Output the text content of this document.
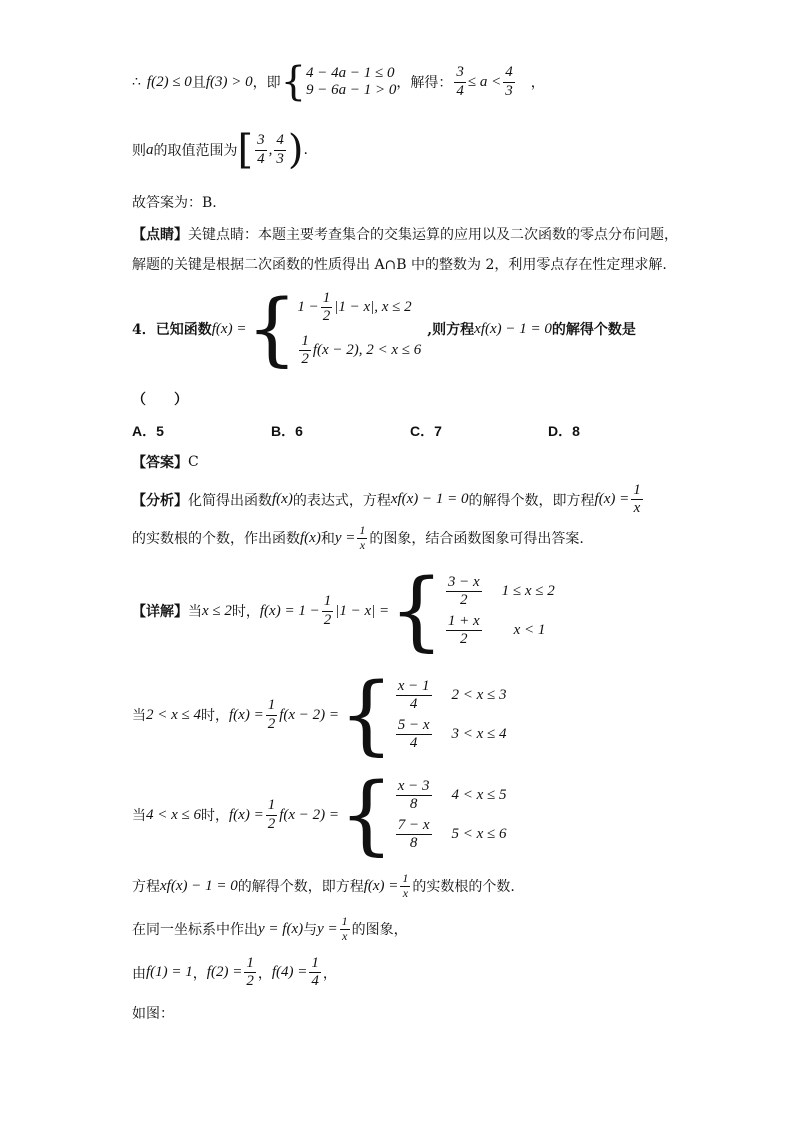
∴ f(2) ≤ 0 且 f(3) > 0 ，即 { 4 − 4a − 1 ≤ 0
9 − 6a − 1 > 0 ，解得： $\frac{3}{4} \le a < \frac{4}{3}$ ，
则 a 的取值范围为 [ $\frac{3}{4}$ , $\frac{4}{3}$ ) .
故答案为：B.
【点睛】 关键点睛：本题主要考查集合的交集运算的应用以及二次函数的零点分布问题，
解题的关键是根据二次函数的性质得出 A∩B 中的整数为 2，利用零点存在性定理求解.
4．已知函数 f(x) = { $1 - \frac{1}{2} |1 - x|$, x ≤ 2
$\frac{1}{2} f(x - 2)$, 2 < x ≤ 6
,则方程 xf(x) − 1 = 0 的解得个数是
（　　）
A．5	B．6	C．7	D．8
【答案】 C
【分析】 化简得出函数 f(x) 的表达式，方程 xf(x) − 1 = 0 的解得个数，即方程 $f(x) = \frac{1}{x}$
的实数根的个数，作出函数 f(x) 和 $y = \frac{1}{x}$ 的图象，结合函数图象可得出答案.
【详解】 当 x ≤ 2 时， $f(x) = 1 - \frac{1}{2} |1 - x|$ = { $\frac{3 - x}{2} 1 \le x \le 2$
$\frac{1 + x}{2}$ x < 1
当 2 < x ≤ 4 时， $f(x) = \frac{1}{2} f(x - 2)$ = { $\frac{x - 1}{4} 2 < x \le 3$
$\frac{5 - x}{4} 3 < x \le 4$
当 4 < x ≤ 6 时， $f(x) = \frac{1}{2} f(x - 2)$ = { $\frac{x - 3}{8} 4 < x \le 5$
$\frac{7 - x}{8} 5 < x \le 6$
方程 xf(x) − 1 = 0 的解得个数，即方程 $f(x) = \frac{1}{x}$ 的实数根的个数.
在同一坐标系中作出 y = f(x) 与 $y = \frac{1}{x}$ 的图象，
由 f(1) = 1 ， $f(2) = \frac{1}{2}$ ， $f(4) = \frac{1}{4}$ ，
如图：
